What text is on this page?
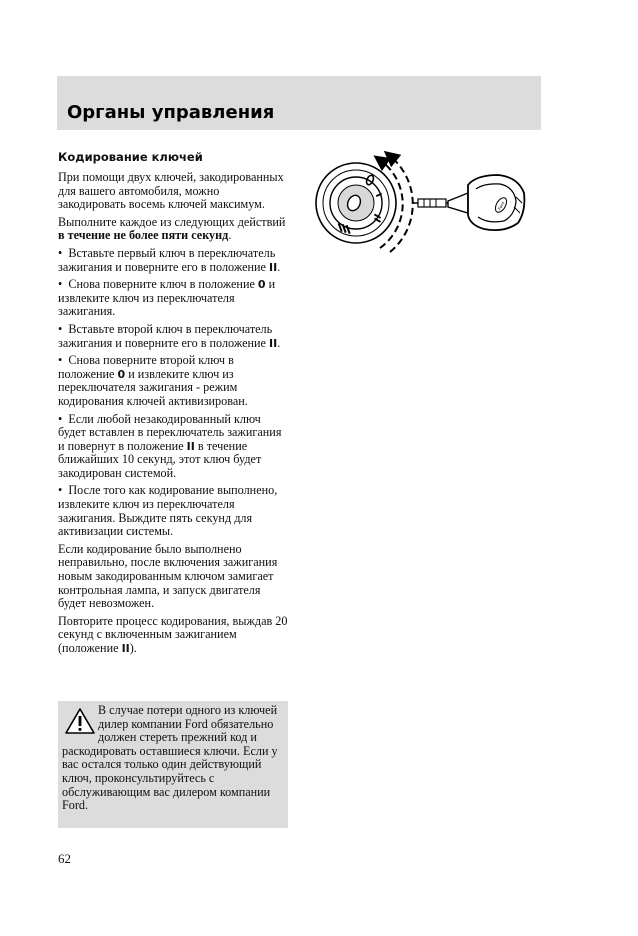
Органы управления
Кодирование ключей

При помощи двух ключей, закодированных для вашего автомобиля, можно закодировать восемь ключей максимум.

Выполните каждое из следующих действий в течение не более пяти секунд.

•  Вставьте первый ключ в переключатель зажигания и поверните его в положение II.

•  Снова поверните ключ в положение 0 и извлеките ключ из переключателя зажигания.

•  Вставьте второй ключ в переключатель зажигания и поверните его в положение II.

•  Снова поверните второй ключ в положение 0 и извлеките ключ из переключателя зажигания - режим кодирования ключей активизирован.

•  Если любой незакодированный ключ будет вставлен в переключатель зажигания и повернут в положение II в течение ближайших 10 секунд, этот ключ будет закодирован системой.

•  После того как кодирование выполнено, извлеките ключ из переключателя зажигания. Выждите пять секунд для активизации системы.

Если кодирование было выполнено неправильно, после включения зажигания новым закодированным ключом замигает контрольная лампа, и запуск двигателя будет невозможен.

Повторите процесс кодирования, выждав 20 секунд с включенным зажиганием (положение II).

В случае потери одного из ключей дилер компании Ford обязательно должен стереть прежний код и раскодировать оставшиеся ключи. Если у вас остался только один действующий ключ, проконсультируйтесь с обслуживающим вас дилером компании Ford.
Ford
62
